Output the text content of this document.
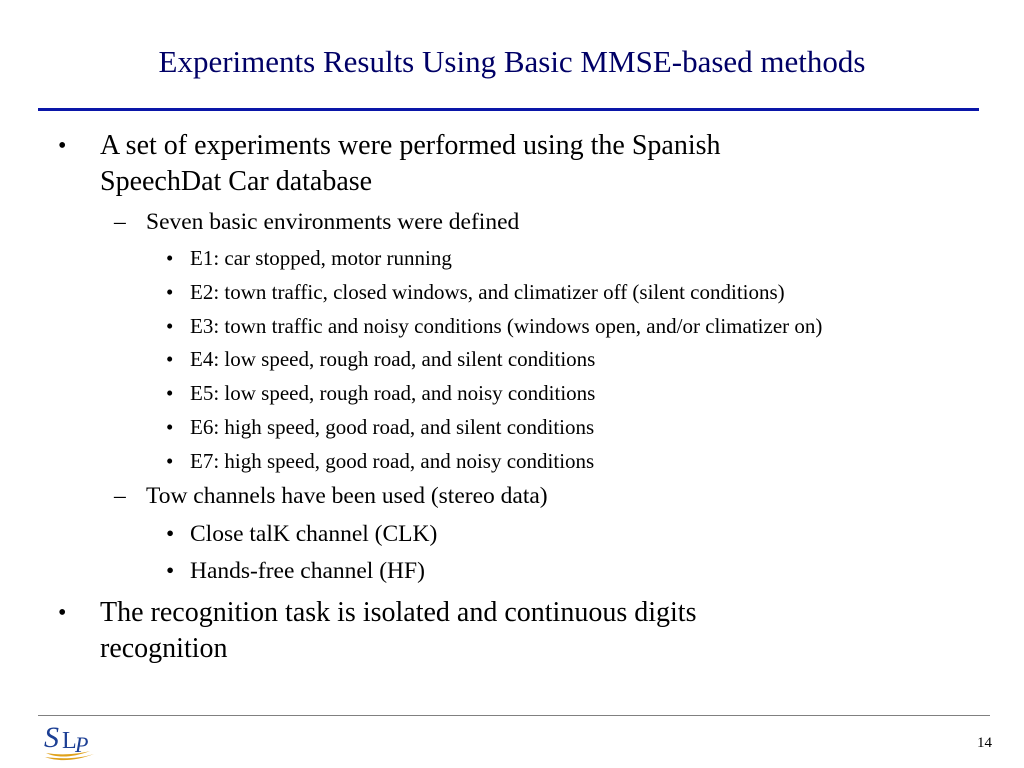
Experiments Results Using Basic MMSE-based methods
• A set of experiments were performed using the Spanish
SpeechDat Car database
– Seven basic environments were defined
• E1: car stopped, motor running
• E2: town traffic, closed windows, and climatizer off (silent conditions)
• E3: town traffic and noisy conditions (windows open, and/or climatizer on)
• E4: low speed, rough road, and silent conditions
• E5: low speed, rough road, and noisy conditions
• E6: high speed, good road, and silent conditions
• E7: high speed, good road, and noisy conditions
– Tow channels have been used (stereo data)
• Close talK channel (CLK)
• Hands-free channel (HF)
• The recognition task is isolated and continuous digits
recognition
S L
P	14
